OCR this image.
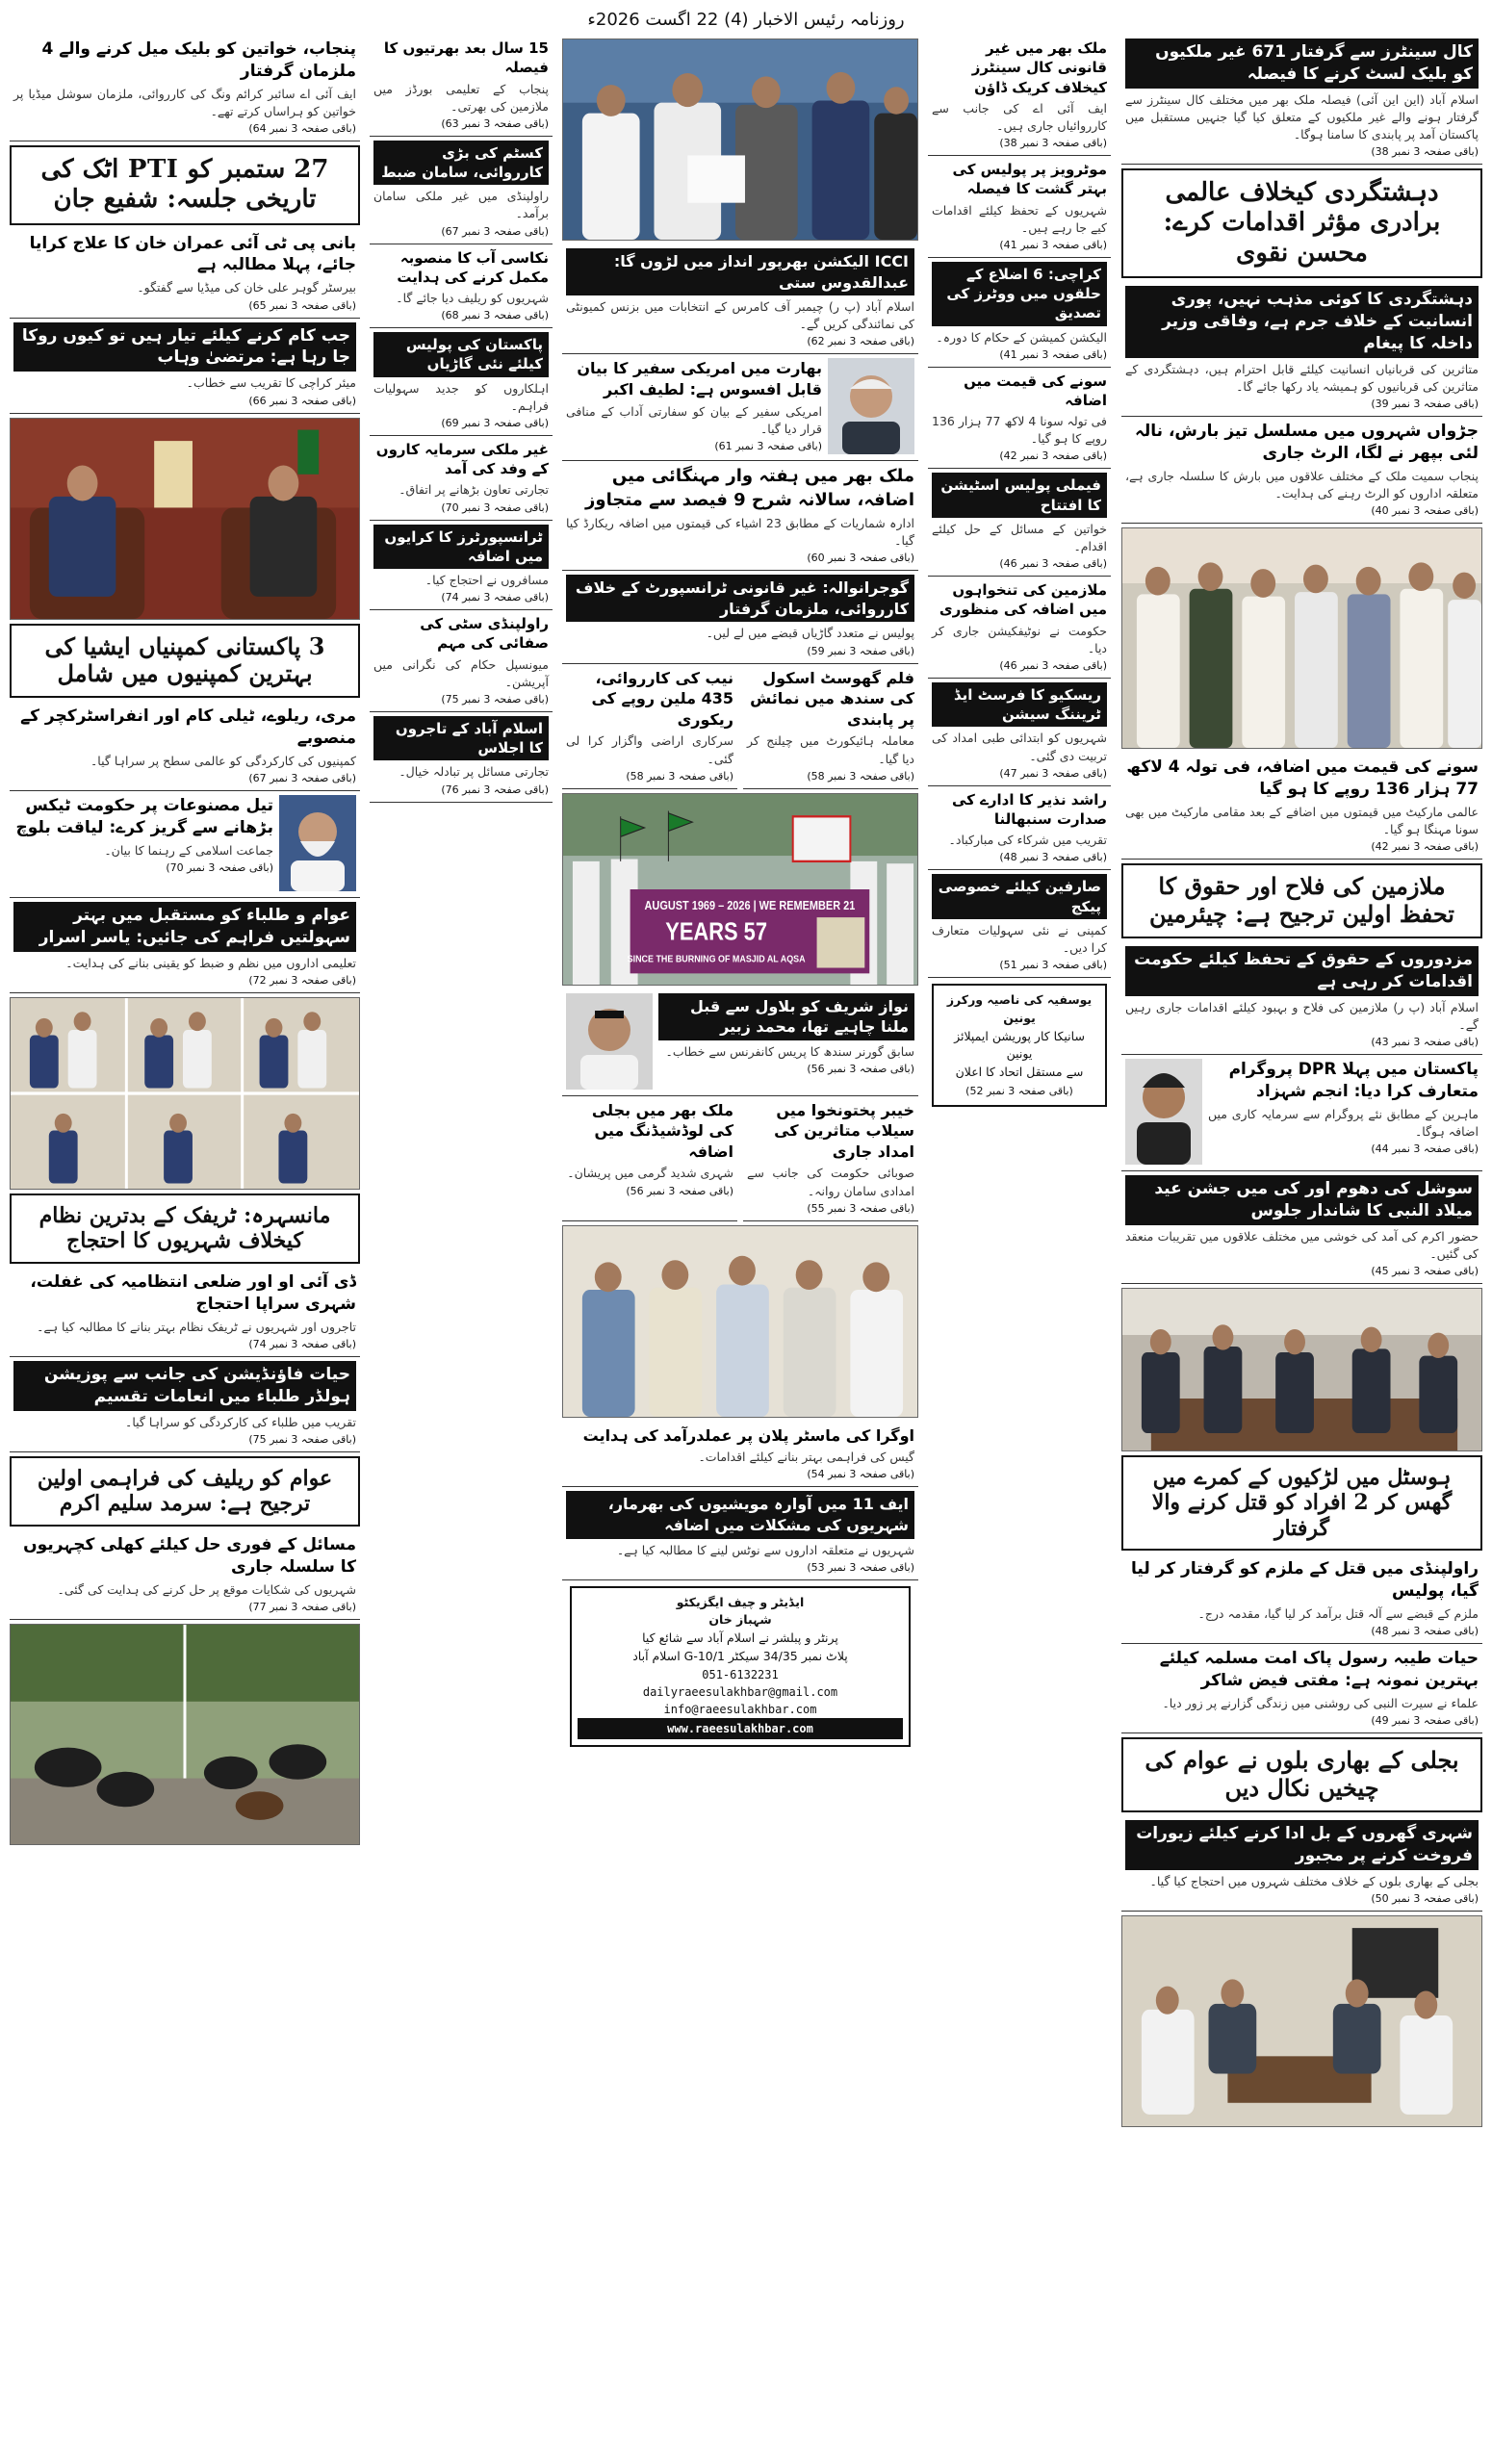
روزنامہ رئیس الاخبار (4) 22 اگست 2026ء
کال سینٹرز سے گرفتار 671 غیر ملکیوں کو بلیک لسٹ کرنے کا فیصلہ
اسلام آباد (این این آئی) فیصلہ ملک بھر میں مختلف کال سینٹرز سے گرفتار ہونے والے غیر ملکیوں کے متعلق کیا گیا جنہیں مستقبل میں پاکستان آمد پر پابندی کا سامنا ہوگا۔
(باقی صفحہ 3 نمبر 38)
دہشتگردی کیخلاف عالمی برادری مؤثر اقدامات کرے: محسن نقوی
دہشتگردی کا کوئی مذہب نہیں، پوری انسانیت کے خلاف جرم ہے، وفاقی وزیر داخلہ کا پیغام
متاثرین کی قربانیاں انسانیت کیلئے قابل احترام ہیں، دہشتگردی کے متاثرین کی قربانیوں کو ہمیشہ یاد رکھا جائے گا۔
(باقی صفحہ 3 نمبر 39)
جڑواں شہروں میں مسلسل تیز بارش، نالہ لئی بپھر نے لگا، الرٹ جاری
پنجاب سمیت ملک کے مختلف علاقوں میں بارش کا سلسلہ جاری ہے، متعلقہ اداروں کو الرٹ رہنے کی ہدایت۔
(باقی صفحہ 3 نمبر 40)
سونے کی قیمت میں اضافہ، فی تولہ 4 لاکھ 77 ہزار 136 روپے کا ہو گیا
عالمی مارکیٹ میں قیمتوں میں اضافے کے بعد مقامی مارکیٹ میں بھی سونا مہنگا ہو گیا۔
(باقی صفحہ 3 نمبر 42)
ملازمین کی فلاح اور حقوق کا تحفظ اولین ترجیح ہے: چیئرمین
مزدوروں کے حقوق کے تحفظ کیلئے حکومت اقدامات کر رہی ہے
اسلام آباد (پ ر) ملازمین کی فلاح و بہبود کیلئے اقدامات جاری رہیں گے۔
(باقی صفحہ 3 نمبر 43)
پاکستان میں پہلا DPR پروگرام متعارف کرا دیا: انجم شہزاد
ماہرین کے مطابق نئے پروگرام سے سرمایہ کاری میں اضافہ ہوگا۔
(باقی صفحہ 3 نمبر 44)
سوشل کی دھوم اور کی میں جشن عید میلاد النبی کا شاندار جلوس
حضور اکرم کی آمد کی خوشی میں مختلف علاقوں میں تقریبات منعقد کی گئیں۔
(باقی صفحہ 3 نمبر 45)
ہوسٹل میں لڑکیوں کے کمرے میں گھس کر 2 افراد کو قتل کرنے والا گرفتار
راولپنڈی میں قتل کے ملزم کو گرفتار کر لیا گیا، پولیس
ملزم کے قبضے سے آلہ قتل برآمد کر لیا گیا، مقدمہ درج۔
(باقی صفحہ 3 نمبر 48)
حیات طیبہ رسول پاک امت مسلمہ کیلئے بہترین نمونہ ہے: مفتی فیض شاکر
علماء نے سیرت النبی کی روشنی میں زندگی گزارنے پر زور دیا۔
(باقی صفحہ 3 نمبر 49)
بجلی کے بھاری بلوں نے عوام کی چیخیں نکال دیں
شہری گھروں کے بل ادا کرنے کیلئے زیورات فروخت کرنے پر مجبور
بجلی کے بھاری بلوں کے خلاف مختلف شہروں میں احتجاج کیا گیا۔
(باقی صفحہ 3 نمبر 50)
ملک بھر میں غیر قانونی کال سینٹرز کیخلاف کریک ڈاؤن
ایف آئی اے کی جانب سے کارروائیاں جاری ہیں۔
(باقی صفحہ 3 نمبر 38)
موٹرویز پر پولیس کی بہتر گشت کا فیصلہ
شہریوں کے تحفظ کیلئے اقدامات کیے جا رہے ہیں۔
(باقی صفحہ 3 نمبر 41)
کراچی: 6 اضلاع کے حلقوں میں ووٹرز کی تصدیق
الیکشن کمیشن کے حکام کا دورہ۔
(باقی صفحہ 3 نمبر 41)
سونے کی قیمت میں اضافہ
فی تولہ سونا 4 لاکھ 77 ہزار 136 روپے کا ہو گیا۔
(باقی صفحہ 3 نمبر 42)
فیملی پولیس اسٹیشن کا افتتاح
خواتین کے مسائل کے حل کیلئے اقدام۔
(باقی صفحہ 3 نمبر 46)
ملازمین کی تنخواہوں میں اضافہ کی منظوری
حکومت نے نوٹیفکیشن جاری کر دیا۔
(باقی صفحہ 3 نمبر 46)
ریسکیو کا فرسٹ ایڈ ٹریننگ سیشن
شہریوں کو ابتدائی طبی امداد کی تربیت دی گئی۔
(باقی صفحہ 3 نمبر 47)
راشد نذیر کا ادارے کی صدارت سنبھالنا
تقریب میں شرکاء کی مبارکباد۔
(باقی صفحہ 3 نمبر 48)
صارفین کیلئے خصوصی پیکج
کمپنی نے نئی سہولیات متعارف کرا دیں۔
(باقی صفحہ 3 نمبر 51)
یوسفیہ کی ناصیہ ورکرز یونین
سانیکا کار پوریشن ایمپلائز یونین
سے مستقل اتحاد کا اعلان
(باقی صفحہ 3 نمبر 52)
ICCI الیکشن بھرپور انداز میں لڑوں گا: عبدالقدوس ستی
اسلام آباد (پ ر) چیمبر آف کامرس کے انتخابات میں بزنس کمیونٹی کی نمائندگی کریں گے۔
(باقی صفحہ 3 نمبر 62)
بھارت میں امریکی سفیر کا بیان قابل افسوس ہے: لطیف اکبر
امریکی سفیر کے بیان کو سفارتی آداب کے منافی قرار دیا گیا۔
(باقی صفحہ 3 نمبر 61)
ملک بھر میں ہفتہ وار مہنگائی میں اضافہ، سالانہ شرح 9 فیصد سے متجاوز
ادارہ شماریات کے مطابق 23 اشیاء کی قیمتوں میں اضافہ ریکارڈ کیا گیا۔
(باقی صفحہ 3 نمبر 60)
گوجرانوالہ: غیر قانونی ٹرانسپورٹ کے خلاف کارروائی، ملزمان گرفتار
پولیس نے متعدد گاڑیاں قبضے میں لے لیں۔
(باقی صفحہ 3 نمبر 59)
فلم گھوسٹ اسکول کی سندھ میں نمائش پر پابندی
معاملہ ہائیکورٹ میں چیلنج کر دیا گیا۔
(باقی صفحہ 3 نمبر 58)
نیب کی کارروائی، 435 ملین روپے کی ریکوری
سرکاری اراضی واگزار کرا لی گئی۔
(باقی صفحہ 3 نمبر 58)
21 AUGUST 1969 – 2026 | WE REMEMBER
57 YEARS
SINCE THE BURNING OF MASJID AL AQSA
نواز شریف کو بلاول سے قبل ملنا چاہیے تھا، محمد زبیر
سابق گورنر سندھ کا پریس کانفرنس سے خطاب۔
(باقی صفحہ 3 نمبر 56)
خیبر پختونخوا میں سیلاب متاثرین کی امداد جاری
صوبائی حکومت کی جانب سے امدادی سامان روانہ۔
(باقی صفحہ 3 نمبر 55)
ملک بھر میں بجلی کی لوڈشیڈنگ میں اضافہ
شہری شدید گرمی میں پریشان۔
(باقی صفحہ 3 نمبر 56)
اوگرا کی ماسٹر پلان پر عملدرآمد کی ہدایت
گیس کی فراہمی بہتر بنانے کیلئے اقدامات۔
(باقی صفحہ 3 نمبر 54)
ایف 11 میں آوارہ مویشیوں کی بھرمار، شہریوں کی مشکلات میں اضافہ
شہریوں نے متعلقہ اداروں سے نوٹس لینے کا مطالبہ کیا ہے۔
(باقی صفحہ 3 نمبر 53)
ایڈیٹر و چیف ایگزیکٹو
شہباز خان
پرنٹر و پبلشر نے اسلام آباد سے شائع کیا
پلاٹ نمبر 34/35 سیکٹر G-10/1 اسلام آباد
051-6132231
dailyraeesulakhbar@gmail.com
info@raeesulakhbar.com
www.raeesulakhbar.com
15 سال بعد بھرتیوں کا فیصلہ
پنجاب کے تعلیمی بورڈز میں ملازمین کی بھرتی۔
(باقی صفحہ 3 نمبر 63)
کسٹم کی بڑی کارروائی، سامان ضبط
راولپنڈی میں غیر ملکی سامان برآمد۔
(باقی صفحہ 3 نمبر 67)
نکاسی آب کا منصوبہ مکمل کرنے کی ہدایت
شہریوں کو ریلیف دیا جائے گا۔
(باقی صفحہ 3 نمبر 68)
پاکستان کی پولیس کیلئے نئی گاڑیاں
اہلکاروں کو جدید سہولیات فراہم۔
(باقی صفحہ 3 نمبر 69)
غیر ملکی سرمایہ کاروں کے وفد کی آمد
تجارتی تعاون بڑھانے پر اتفاق۔
(باقی صفحہ 3 نمبر 70)
ٹرانسپورٹرز کا کرایوں میں اضافہ
مسافروں نے احتجاج کیا۔
(باقی صفحہ 3 نمبر 74)
راولپنڈی سٹی کی صفائی کی مہم
میونسپل حکام کی نگرانی میں آپریشن۔
(باقی صفحہ 3 نمبر 75)
اسلام آباد کے تاجروں کا اجلاس
تجارتی مسائل پر تبادلہ خیال۔
(باقی صفحہ 3 نمبر 76)
پنجاب، خواتین کو بلیک میل کرنے والے 4 ملزمان گرفتار
ایف آئی اے سائبر کرائم ونگ کی کارروائی، ملزمان سوشل میڈیا پر خواتین کو ہراساں کرتے تھے۔
(باقی صفحہ 3 نمبر 64)
27 ستمبر کو PTI اٹک کی تاریخی جلسہ: شفیع جان
بانی پی ٹی آئی عمران خان کا علاج کرایا جائے، پہلا مطالبہ ہے
بیرسٹر گوہر علی خان کی میڈیا سے گفتگو۔
(باقی صفحہ 3 نمبر 65)
جب کام کرنے کیلئے تیار ہیں تو کیوں روکا جا رہا ہے: مرتضیٰ وہاب
میئر کراچی کا تقریب سے خطاب۔
(باقی صفحہ 3 نمبر 66)
3 پاکستانی کمپنیاں ایشیا کی بہترین کمپنیوں میں شامل
مری، ریلوے، ٹیلی کام اور انفراسٹرکچر کے منصوبے
کمپنیوں کی کارکردگی کو عالمی سطح پر سراہا گیا۔
(باقی صفحہ 3 نمبر 67)
تیل مصنوعات پر حکومت ٹیکس بڑھانے سے گریز کرے: لیاقت بلوچ
جماعت اسلامی کے رہنما کا بیان۔
(باقی صفحہ 3 نمبر 70)
عوام و طلباء کو مستقبل میں بہتر سہولتیں فراہم کی جائیں: یاسر اسرار
تعلیمی اداروں میں نظم و ضبط کو یقینی بنانے کی ہدایت۔
(باقی صفحہ 3 نمبر 72)
مانسہرہ: ٹریفک کے بدترین نظام کیخلاف شہریوں کا احتجاج
ڈی آئی او اور ضلعی انتظامیہ کی غفلت، شہری سراپا احتجاج
تاجروں اور شہریوں نے ٹریفک نظام بہتر بنانے کا مطالبہ کیا ہے۔
(باقی صفحہ 3 نمبر 74)
حیات فاؤنڈیشن کی جانب سے پوزیشن ہولڈر طلباء میں انعامات تقسیم
تقریب میں طلباء کی کارکردگی کو سراہا گیا۔
(باقی صفحہ 3 نمبر 75)
عوام کو ریلیف کی فراہمی اولین ترجیح ہے: سرمد سلیم اکرم
مسائل کے فوری حل کیلئے کھلی کچہریوں کا سلسلہ جاری
شہریوں کی شکایات موقع پر حل کرنے کی ہدایت کی گئی۔
(باقی صفحہ 3 نمبر 77)
